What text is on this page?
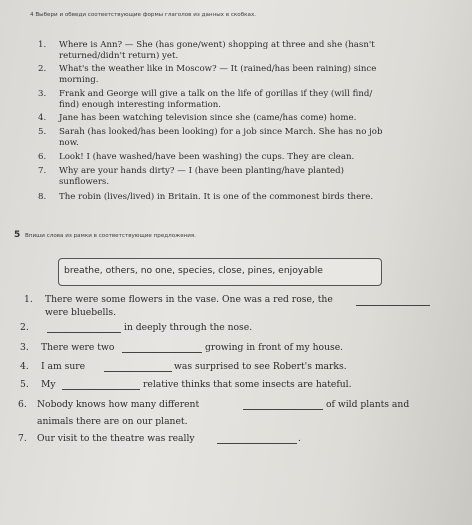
4 Выбери и обведи соответствующие формы глаголов из данных в скобках.
1. Where is Ann? — She (has gone/went) shopping at three and she (hasn't
returned/didn't return) yet.
2. What's the weather like in Moscow? — It (rained/has been raining) since
morning.
3. Frank and George will give a talk on the life of gorillas if they (will find/
find) enough interesting information.
4. Jane has been watching television since she (came/has come) home.
5. Sarah (has looked/has been looking) for a job since March. She has no job
now.
6. Look! I (have washed/have been washing) the cups. They are clean.
7. Why are your hands dirty? — I (have been planting/have planted)
sunflowers.
8. The robin (lives/lived) in Britain. It is one of the commonest birds there.
5 Впиши слова из рамки в соответствующие предложения.
breathe, others, no one, species, close, pines, enjoyable
1. There were some flowers in the vase. One was a red rose, the
were bluebells.
2.	in deeply through the nose.
3. There were two	growing in front of my house.
4. I am sure	was surprised to see Robert's marks.
5. My	relative thinks that some insects are hateful.
6. Nobody knows how many different	of wild plants and
animals there are on our planet.
7. Our visit to the theatre was really	.
